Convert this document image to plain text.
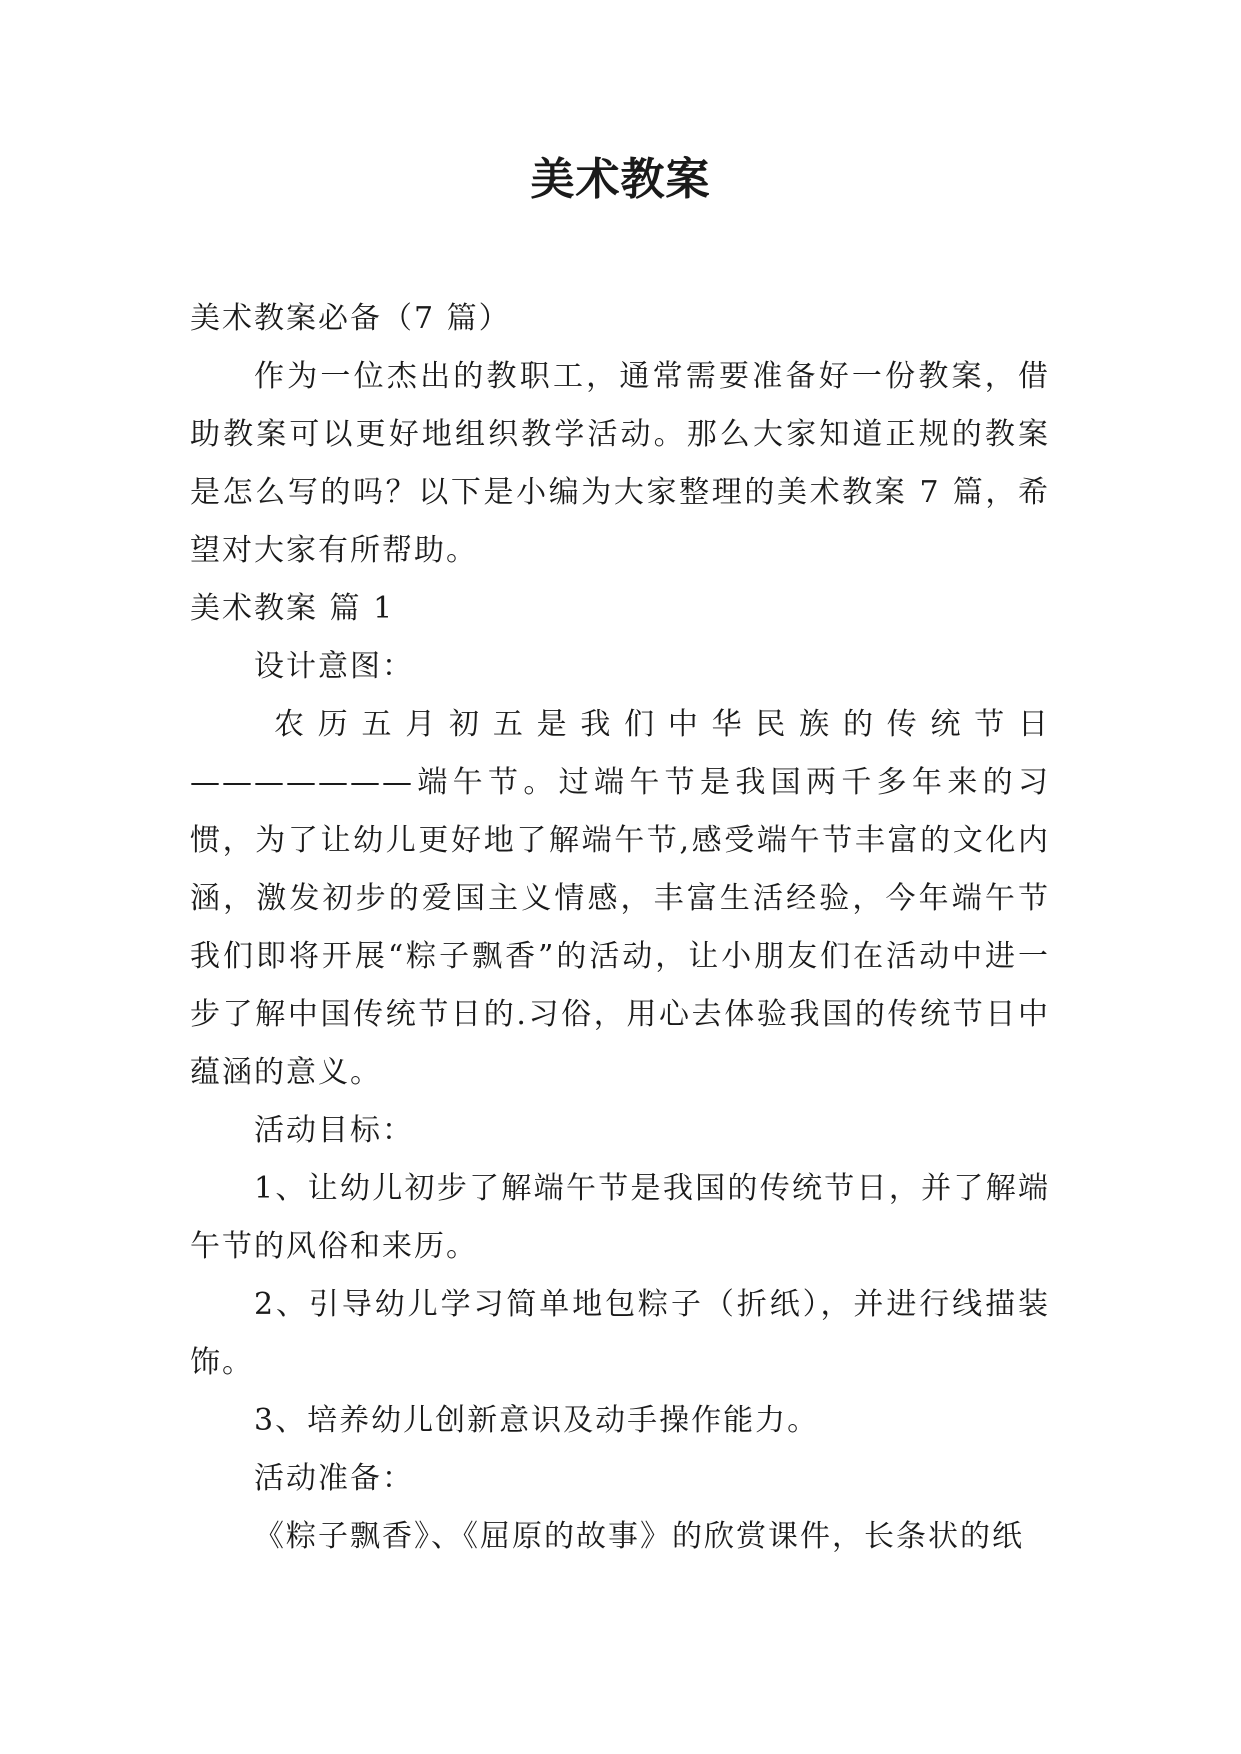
美术教案

美术教案必备（7 篇）

作为一位杰出的教职工，通常需要准备好一份教案，借助教案可以更好地组织教学活动。那么大家知道正规的教案是怎么写的吗？以下是小编为大家整理的美术教案 7 篇，希望对大家有所帮助。

美术教案 篇 1

设计意图：

农历五月初五是我们中华民族的传统节日———————端午节。过端午节是我国两千多年来的习惯，为了让幼儿更好地了解端午节,感受端午节丰富的文化内涵，激发初步的爱国主义情感，丰富生活经验，今年端午节我们即将开展“粽子飘香”的活动，让小朋友们在活动中进一步了解中国传统节日的.习俗，用心去体验我国的传统节日中蕴涵的意义。

活动目标：

1、让幼儿初步了解端午节是我国的传统节日，并了解端午节的风俗和来历。

2、引导幼儿学习简单地包粽子（折纸），并进行线描装饰。

3、培养幼儿创新意识及动手操作能力。

活动准备：

《粽子飘香》、《屈原的故事》的欣赏课件，长条状的纸
